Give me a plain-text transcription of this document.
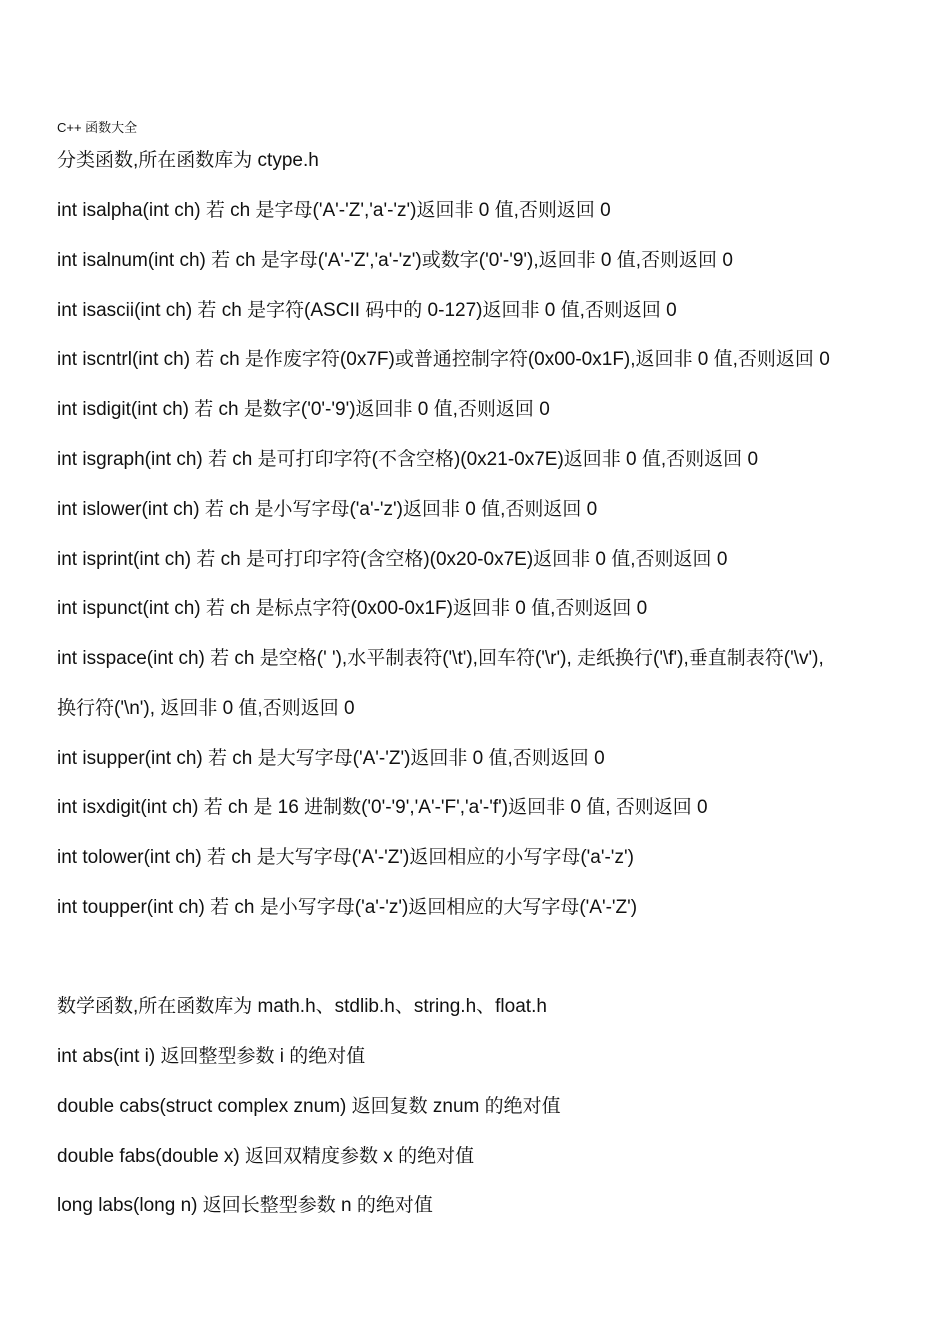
C++ 函数大全
分类函数,所在函数库为 ctype.h
int isalpha(int ch) 若 ch 是字母('A'-'Z','a'-'z')返回非 0 值,否则返回 0
int isalnum(int ch) 若 ch 是字母('A'-'Z','a'-'z')或数字('0'-'9'),返回非 0 值,否则返回 0
int isascii(int ch) 若 ch 是字符(ASCII 码中的 0-127)返回非 0 值,否则返回 0
int iscntrl(int ch) 若 ch 是作废字符(0x7F)或普通控制字符(0x00-0x1F),返回非 0 值,否则返回 0
int isdigit(int ch) 若 ch 是数字('0'-'9')返回非 0 值,否则返回 0
int isgraph(int ch) 若 ch 是可打印字符(不含空格)(0x21-0x7E)返回非 0 值,否则返回 0
int islower(int ch) 若 ch 是小写字母('a'-'z')返回非 0 值,否则返回 0
int isprint(int ch) 若 ch 是可打印字符(含空格)(0x20-0x7E)返回非 0 值,否则返回 0
int ispunct(int ch) 若 ch 是标点字符(0x00-0x1F)返回非 0 值,否则返回 0
int isspace(int ch) 若 ch 是空格(' '),水平制表符('\t'),回车符('\r'), 走纸换行('\f'),垂直制表符('\v'),
换行符('\n'), 返回非 0 值,否则返回 0
int isupper(int ch) 若 ch 是大写字母('A'-'Z')返回非 0 值,否则返回 0
int isxdigit(int ch) 若 ch 是 16 进制数('0'-'9','A'-'F','a'-'f')返回非 0 值, 否则返回 0
int tolower(int ch) 若 ch 是大写字母('A'-'Z')返回相应的小写字母('a'-'z')
int toupper(int ch) 若 ch 是小写字母('a'-'z')返回相应的大写字母('A'-'Z')
数学函数,所在函数库为 math.h、stdlib.h、string.h、float.h
int abs(int i) 返回整型参数 i 的绝对值
double cabs(struct complex znum) 返回复数 znum 的绝对值
double fabs(double x) 返回双精度参数 x 的绝对值
long labs(long n) 返回长整型参数 n 的绝对值
